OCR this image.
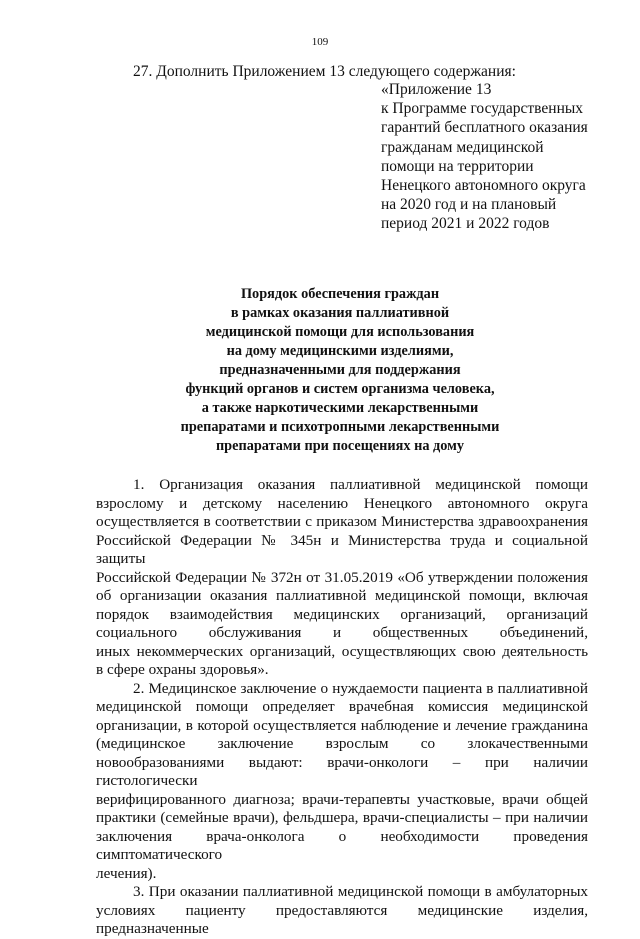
109
27. Дополнить Приложением 13 следующего содержания:
«Приложение 13
к Программе государственных
гарантий бесплатного оказания
гражданам медицинской
помощи на территории
Ненецкого автономного округа
на 2020 год и на плановый
период 2021 и 2022 годов
Порядок обеспечения граждан
в рамках оказания паллиативной
медицинской помощи для использования
на дому медицинскими изделиями,
предназначенными для поддержания
функций органов и систем организма человека,
а также наркотическими лекарственными
препаратами и психотропными лекарственными
препаратами при посещениях на дому
1. Организация оказания паллиативной медицинской помощи
взрослому и детскому населению Ненецкого автономного округа
осуществляется в соответствии с приказом Министерства здравоохранения
Российской Федерации № 345н и Министерства труда и социальной защиты
Российской Федерации № 372н от 31.05.2019 «Об утверждении положения
об организации оказания паллиативной медицинской помощи, включая
порядок взаимодействия медицинских организаций, организаций
социального обслуживания и общественных объединений,
иных некоммерческих организаций, осуществляющих свою деятельность
в сфере охраны здоровья».
2. Медицинское заключение о нуждаемости пациента в паллиативной
медицинской помощи определяет врачебная комиссия медицинской
организации, в которой осуществляется наблюдение и лечение гражданина
(медицинское заключение взрослым со злокачественными
новообразованиями выдают: врачи-онкологи – при наличии гистологически
верифицированного диагноза; врачи-терапевты участковые, врачи общей
практики (семейные врачи), фельдшера, врачи-специалисты – при наличии
заключения врача-онколога о необходимости проведения симптоматического
лечения).
3. При оказании паллиативной медицинской помощи в амбулаторных
условиях пациенту предоставляются медицинские изделия, предназначенные
